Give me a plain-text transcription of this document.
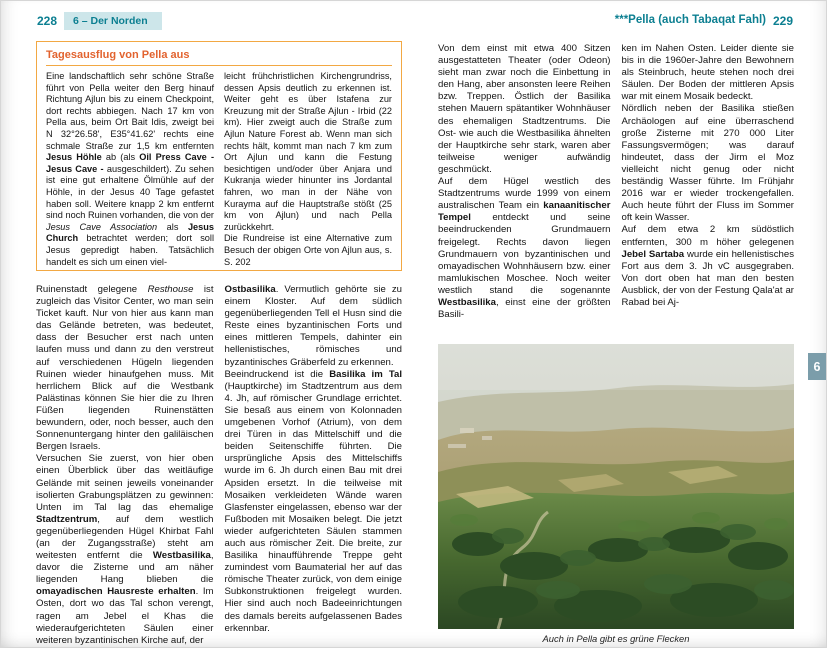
228	6 – Der Norden	***Pella (auch Tabaqat Fahl) 229
Tagesausflug von Pella aus

Eine landschaftlich sehr schöne Straße führt von Pella weiter den Berg hinauf Richtung Ajlun bis zu einem Checkpoint, dort rechts abbiegen. Nach 17 km von Pella aus, beim Ort Bait Idis, zweigt bei N 32°26.58', E35°41.62' rechts eine schmale Straße zur 1,5 km entfernten Jesus Höhle ab (als Oil Press Cave - Jesus Cave - ausgeschildert). Zu sehen ist eine gut erhaltene Ölmühle auf der Höhle, in der Jesus 40 Tage gefastet haben soll. Weitere knapp 2 km entfernt sind noch Ruinen vorhanden, die von der Jesus Cave Association als Jesus Church betrachtet werden; dort soll Jesus gepredigt haben. Tatsächlich handelt es sich um einen viel-

leicht frühchristlichen Kirchengrundriss, dessen Apsis deutlich zu erkennen ist. Weiter geht es über Istafena zur Kreuzung mit der Straße Ajlun - Irbid (22 km). Hier zweigt auch die Straße zum Ajlun Nature Forest ab. Wenn man sich rechts hält, kommt man nach 7 km zum Ort Ajlun und kann die Festung besichtigen und/oder über Anjara und Kukranja wieder hinunter ins Jordantal fahren, wo man in der Nähe von Kurayma auf die Hauptstraße stößt (25 km von Ajlun) und nach Pella zurückkehrt.

Die Rundreise ist eine Alternative zum Besuch der obigen Orte von Ajlun aus, s. S. 202

Ruinenstadt gelegene Resthouse ist zugleich das Visitor Center, wo man sein Ticket kauft. Nur von hier aus kann man das Gelände betreten, was bedeutet, dass der Besucher erst nach unten laufen muss und dann zu den verstreut auf verschiedenen Hügeln liegenden Ruinen wieder hinaufgehen muss. Mit herrlichem Blick auf die Westbank Palästinas können Sie hier die zu Ihren Füßen liegenden Ruinenstätten bewundern, oder, noch besser, auch den Sonnenuntergang hinter den galiläischen Bergen Israels.

Versuchen Sie zuerst, von hier oben einen Überblick über das weitläufige Gelände mit seinen jeweils voneinander isolierten Grabungsplätzen zu gewinnen: Unten im Tal lag das ehemalige Stadtzentrum, auf dem westlich gegenüberliegenden Hügel Khirbat Fahl (an der Zugangsstraße) steht am weitesten entfernt die Westbasilika, davor die Zisterne und am näher liegenden Hang blieben die omayadischen Hausreste erhalten. Im Osten, dort wo das Tal schon verengt, ragen am Jebel el Khas die wiederaufgerichteten Säulen einer weiteren byzantinischen Kirche auf, der

Ostbasilika. Vermutlich gehörte sie zu einem Kloster. Auf dem südlich gegenüberliegenden Tell el Husn sind die Reste eines byzantinischen Forts und eines mittleren Tempels, dahinter ein hellenistisches, römisches und byzantinisches Gräberfeld zu erkennen.

Beeindruckend ist die Basilika im Tal (Hauptkirche) im Stadtzentrum aus dem 4. Jh, auf römischer Grundlage errichtet. Sie besaß aus einem von Kolonnaden umgebenen Vorhof (Atrium), von dem drei Türen in das Mittelschiff und die beiden Seitenschiffe führten. Die ursprüngliche Apsis des Mittelschiffs wurde im 6. Jh durch einen Bau mit drei Apsiden ersetzt. In die teilweise mit Mosaiken verkleideten Wände waren Glasfenster eingelassen, ebenso war der Fußboden mit Mosaiken belegt. Die jetzt wieder aufgerichteten Säulen stammen auch aus römischer Zeit. Die breite, zur Basilika hinaufführende Treppe geht zumindest vom Baumaterial her auf das römische Theater zurück, von dem einige Subkonstruktionen freigelegt wurden. Hier sind auch noch Badeeinrichtungen des damals bereits aufgelassenen Bades erkennbar.

Von dem einst mit etwa 400 Sitzen ausgestatteten Theater (oder Odeon) sieht man zwar noch die Einbettung in den Hang, aber ansonsten leere Reihen bzw. Treppen. Östlich der Basilika stehen Mauern spätantiker Wohnhäuser des ehemaligen Stadtzentrums. Die Ost- wie auch die Westbasilika ähnelten der Hauptkirche sehr stark, waren aber teilweise weniger aufwändig geschmückt.

Auf dem Hügel westlich des Stadtzentrums wurde 1999 von einem australischen Team ein kanaanitischer Tempel entdeckt und seine beeindruckenden Grundmauern freigelegt. Rechts davon liegen Grundmauern von byzantinischen und omayadischen Wohnhäusern bzw. einer mamlukischen Moschee. Noch weiter westlich stand die sogenannte Westbasilika, einst eine der größten Basili-

ken im Nahen Osten. Leider diente sie bis in die 1960er-Jahre den Bewohnern als Steinbruch, heute stehen noch drei Säulen. Der Boden der mittleren Apsis war mit einem Mosaik bedeckt.

Nördlich neben der Basilika stießen Archäologen auf eine überraschend große Zisterne mit 270 000 Liter Fassungsvermögen; was darauf hindeutet, dass der Jirm el Moz vielleicht nicht genug oder nicht beständig Wasser führte. Im Frühjahr 2016 war er wieder trockengefallen. Auch heute führt der Fluss im Sommer oft kein Wasser.

Auf dem etwa 2 km südöstlich entfernten, 300 m höher gelegenen Jebel Sartaba wurde ein hellenistisches Fort aus dem 3. Jh vC ausgegraben. Von dort oben hat man den besten Ausblick, der von der Festung Qala'at ar Rabad bei Aj-

Auch in Pella gibt es grüne Flecken
6
